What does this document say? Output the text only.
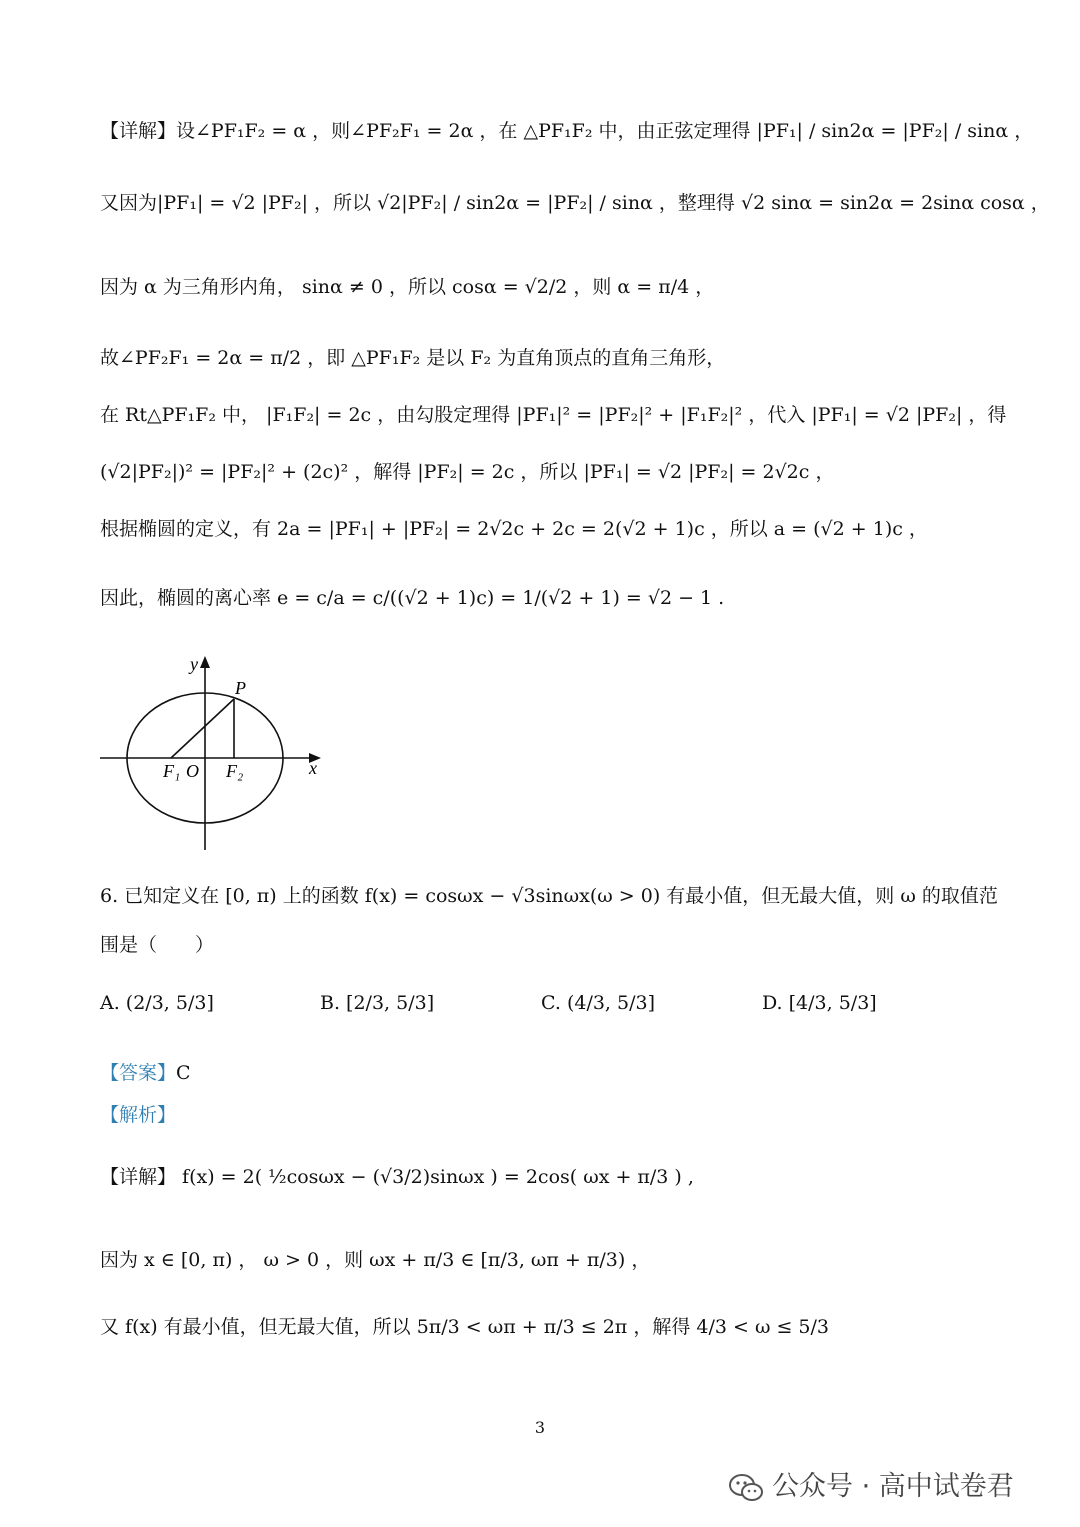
【详解】设∠PF₁F₂ = α ，则∠PF₂F₁ = 2α ，在 △PF₁F₂ 中，由正弦定理得 |PF₁| / sin2α = |PF₂| / sinα ，
又因为|PF₁| = √2 |PF₂| ，所以 √2|PF₂| / sin2α = |PF₂| / sinα ，整理得 √2 sinα = sin2α = 2sinα cosα ，
因为 α 为三角形内角， sinα ≠ 0 ，所以 cosα = √2/2 ，则 α = π/4 ，
故∠PF₂F₁ = 2α = π/2 ，即 △PF₁F₂ 是以 F₂ 为直角顶点的直角三角形，
在 Rt△PF₁F₂ 中， |F₁F₂| = 2c ，由勾股定理得 |PF₁|² = |PF₂|² + |F₁F₂|² ，代入 |PF₁| = √2 |PF₂| ，得
(√2|PF₂|)² = |PF₂|² + (2c)² ，解得 |PF₂| = 2c ，所以 |PF₁| = √2 |PF₂| = 2√2c ，
根据椭圆的定义，有 2a = |PF₁| + |PF₂| = 2√2c + 2c = 2(√2 + 1)c ，所以 a = (√2 + 1)c ，
因此，椭圆的离心率 e = c/a = c/((√2 + 1)c) = 1/(√2 + 1) = √2 − 1 .
y
x
P
F₁ O F₂
6. 已知定义在 [0, π) 上的函数 f(x) = cosωx − √3sinωx(ω > 0) 有最小值，但无最大值，则 ω 的取值范
围是（　　）
A. (2/3, 5/3]	B. [2/3, 5/3]	C. (4/3, 5/3]	D. [4/3, 5/3]
【答案】C
【解析】
【详解】 f(x) = 2( ½cosωx − (√3/2)sinωx ) = 2cos( ωx + π/3 ) ,
因为 x ∈ [0, π) ， ω > 0 ，则 ωx + π/3 ∈ [π/3, ωπ + π/3) ，
又 f(x) 有最小值，但无最大值，所以 5π/3 < ωπ + π/3 ≤ 2π ，解得 4/3 < ω ≤ 5/3
3
公众号 · 高中试卷君
